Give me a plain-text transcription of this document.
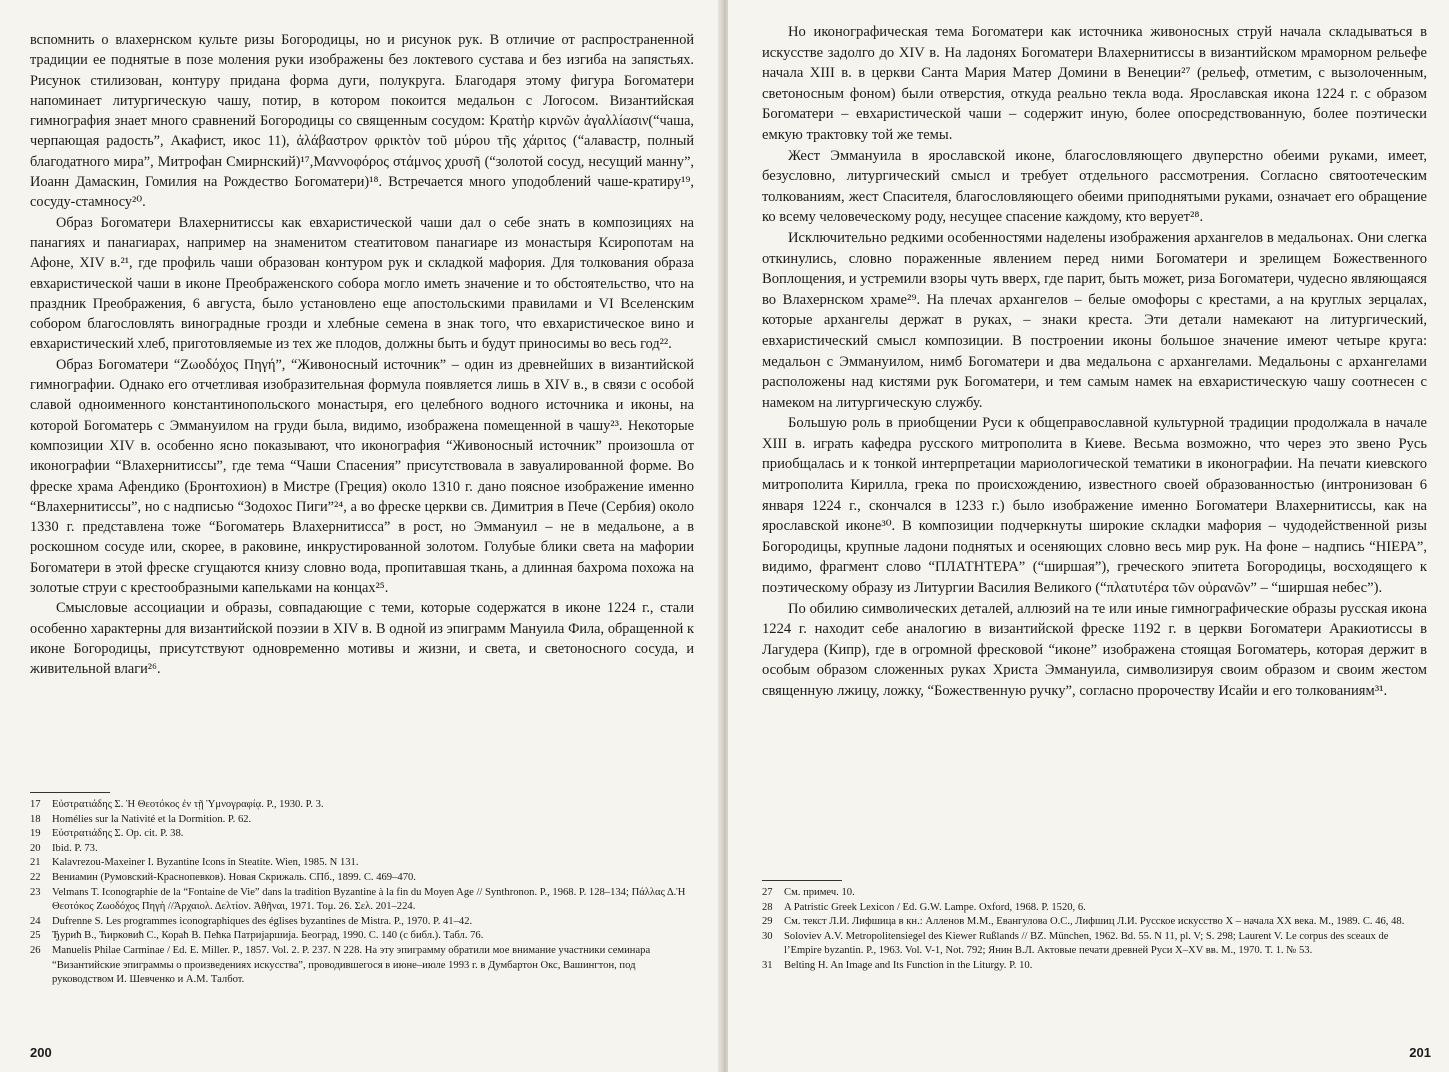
вспомнить о влахернском культе ризы Богородицы, но и рисунок рук. В отличие от распространенной традиции ее поднятые в позе моления руки изображены без локтевого сустава и без изгиба на запястьях. Рисунок стилизован, контуру придана форма дуги, полукруга. Благодаря этому фигура Богоматери напоминает литургическую чашу, потир, в котором покоится медальон с Логосом. Византийская гимнография знает много сравнений Богородицы со священным сосудом: Κρατὴρ κιρνῶν ἀγαλλίασιν(“чаша, черпающая радость”, Акафист, икос 11), ἀλάβαστρον φρικτὸν τοῦ μύρου τῆς χάριτος (“алавастр, полный благодатного мира”, Митрофан Смирнский)¹⁷,Μαννοφόρος στάμνος χρυσῆ (“золотой сосуд, несущий манну”, Иоанн Дамаскин, Гомилия на Рождество Богоматери)¹⁸. Встречается много уподоблений чаше-кратиру¹⁹, сосуду-стамносу²⁰.

Образ Богоматери Влахернитиссы как евхаристической чаши дал о себе знать в композициях на панагиях и панагиарах, например на знаменитом стеатитовом панагиаре из монастыря Ксиропотам на Афоне, XIV в.²¹, где профиль чаши образован контуром рук и складкой мафория. Для толкования образа евхаристической чаши в иконе Преображенского собора могло иметь значение и то обстоятельство, что на праздник Преображения, 6 августа, было установлено еще апостольскими правилами и VI Вселенским собором благословлять виноградные грозди и хлебные семена в знак того, что евхаристическое вино и евхаристический хлеб, приготовляемые из тех же плодов, должны быть и будут приносимы во весь год²².

Образ Богоматери “Ζωοδόχος Πηγή”, “Живоносный источник” – один из древнейших в византийской гимнографии. Однако его отчетливая изобразительная формула появляется лишь в XIV в., в связи с особой славой одноименного константинопольского монастыря, его целебного водного источника и иконы, на которой Богоматерь с Эммануилом на груди была, видимо, изображена помещенной в чашу²³. Некоторые композиции XIV в. особенно ясно показывают, что иконография “Живоносный источник” произошла от иконографии “Влахернитиссы”, где тема “Чаши Спасения” присутствовала в завуалированной форме. Во фреске храма Афендико (Бронтохион) в Мистре (Греция) около 1310 г. дано поясное изображение именно “Влахернитиссы”, но с надписью “Зодохос Пиги”²⁴, а во фреске церкви св. Димитрия в Пече (Сербия) около 1330 г. представлена тоже “Богоматерь Влахернитисса” в рост, но Эммануил – не в медальоне, а в роскошном сосуде или, скорее, в раковине, инкрустированной золотом. Голубые блики света на мафории Богоматери в этой фреске сгущаются книзу словно вода, пропитавшая ткань, а длинная бахрома похожа на золотые струи с крестообразными капельками на концах²⁵.

Смысловые ассоциации и образы, совпадающие с теми, которые содержатся в иконе 1224 г., стали особенно характерны для византийской поэзии в XIV в. В одной из эпиграмм Мануила Фила, обращенной к иконе Богородицы, присутствуют одновременно мотивы и жизни, и света, и светоносного сосуда, и живительной влаги²⁶.

17 Εὐστρατιάδης Σ. Ἡ Θεοτόκος ἐν τῇ Ὑμνογραφίᾳ. P., 1930. P. 3.

18 Homélies sur la Nativité et la Dormition. P. 62.

19 Εὐστρατιάδης Σ. Op. cit. P. 38.

20 Ibid. P. 73.

21 Kalavrezou-Maxeiner I. Byzantine Icons in Steatite. Wien, 1985. N 131.

22 Вениамин (Румовский-Краснопевков). Новая Скрижаль. СПб., 1899. С. 469–470.

23 Velmans T. Iconographie de la “Fontaine de Vie” dans la tradition Byzantine à la fin du Moyen Age // Synthronon. P., 1968. P. 128–134; Πάλλας Δ.Ἡ Θεοτόκος Ζωοδόχος Πηγὴ //Ἀρχαιολ. Δελτίον. Ἀθῆναι, 1971. Τομ. 26. Σελ. 201–224.

24 Dufrenne S. Les programmes iconographiques des églises byzantines de Mistra. P., 1970. P. 41–42.

25 Ђурић В., Ћирковић С., Кораћ В. Пећка Патријаршија. Београд, 1990. С. 140 (с библ.). Табл. 76.

26 Manuelis Philae Carminae / Ed. E. Miller. P., 1857. Vol. 2. P. 237. N 228. На эту эпиграмму обратили мое внимание участники семинара “Византийские эпиграммы о произведениях искусства”, проводившегося в июне–июле 1993 г. в Думбартон Окс, Вашингтон, под руководством И. Шевченко и А.М. Талбот.

200

Но иконографическая тема Богоматери как источника живоносных струй начала складываться в искусстве задолго до XIV в. На ладонях Богоматери Влахернитиссы в византийском мраморном рельефе начала XIII в. в церкви Санта Мария Матер Домини в Венеции²⁷ (рельеф, отметим, с вызолоченным, светоносным фоном) были отверстия, откуда реально текла вода. Ярославская икона 1224 г. с образом Богоматери – евхаристической чаши – содержит иную, более опосредствованную, более поэтически емкую трактовку той же темы.

Жест Эммануила в ярославской иконе, благословляющего двуперстно обеими руками, имеет, безусловно, литургический смысл и требует отдельного рассмотрения. Согласно святоотеческим толкованиям, жест Спасителя, благословляющего обеими приподнятыми руками, означает его обращение ко всему человеческому роду, несущее спасение каждому, кто верует²⁸.

Исключительно редкими особенностями наделены изображения архангелов в медальонах. Они слегка откинулись, словно пораженные явлением перед ними Богоматери и зрелищем Божественного Воплощения, и устремили взоры чуть вверх, где парит, быть может, риза Богоматери, чудесно являющаяся во Влахернском храме²⁹. На плечах архангелов – белые омофоры с крестами, а на круглых зерцалах, которые архангелы держат в руках, – знаки креста. Эти детали намекают на литургический, евхаристический смысл композиции. В построении иконы большое значение имеют четыре круга: медальон с Эммануилом, нимб Богоматери и два медальона с архангелами. Медальоны с архангелами расположены над кистями рук Богоматери, и тем самым намек на евхаристическую чашу соотнесен с намеком на литургическую службу.

Большую роль в приобщении Руси к общеправославной культурной традиции продолжала в начале XIII в. играть кафедра русского митрополита в Киеве. Весьма возможно, что через это звено Русь приобщалась и к тонкой интерпретации мариологической тематики в иконографии. На печати киевского митрополита Кирилла, грека по происхождению, известного своей образованностью (интронизован 6 января 1224 г., скончался в 1233 г.) было изображение именно Богоматери Влахернитиссы, как на ярославской иконе³⁰. В композиции подчеркнуты широкие складки мафория – чудодейственной ризы Богородицы, крупные ладони поднятых и осеняющих словно весь мир рук. На фоне – надпись “НІЕРА”, видимо, фрагмент слово “ПЛАТНТЕРА” (“ширшая”), греческого эпитета Богородицы, восходящего к поэтическому образу из Литургии Василия Великого (“πλατυτέρα τῶν οὐρανῶν” – “ширшая небес”).

По обилию символических деталей, аллюзий на те или иные гимнографические образы русская икона 1224 г. находит себе аналогию в византийской фреске 1192 г. в церкви Богоматери Аракиотиссы в Лагудера (Кипр), где в огромной фресковой “иконе” изображена стоящая Богоматерь, которая держит в особым образом сложенных руках Христа Эммануила, символизируя своим образом и своим жестом священную лжицу, ложку, “Божественную ручку”, согласно пророчеству Исайи и его толкованиям³¹.

27 См. примеч. 10.

28 A Patristic Greek Lexicon / Ed. G.W. Lampe. Oxford, 1968. P. 1520, 6.

29 См. текст Л.И. Лифшица в кн.: Алленов М.М., Евангулова О.С., Лифшиц Л.И. Русское искусство X – начала XX века. М., 1989. С. 46, 48.

30 Soloviev A.V. Metropolitensiegel des Kiewer Rußlands // BZ. München, 1962. Bd. 55. N 11, pl. V; S. 298; Laurent V. Le corpus des sceaux de l’Empire byzantin. P., 1963. Vol. V-1, Not. 792; Янин В.Л. Актовые печати древней Руси X–XV вв. М., 1970. Т. 1. № 53.

31 Belting H. An Image and Its Function in the Liturgy. P. 10.

201
